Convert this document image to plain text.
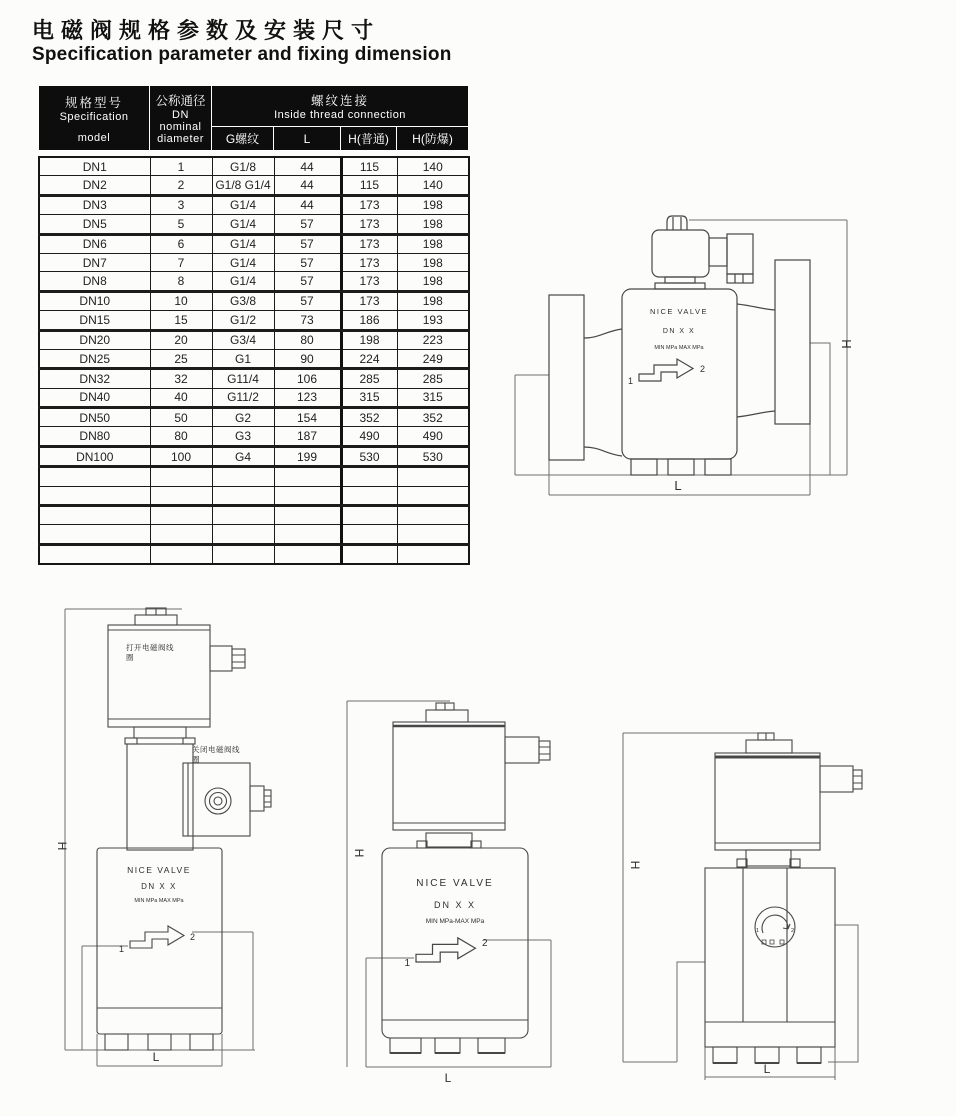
电磁阀规格参数及安装尺寸
Specification parameter and fixing dimension
规格型号
Specification
model

公称通径
DN
nominal
diameter

螺纹连接
Inside thread connection

		G螺纹	L	H(普通)	H(防爆)
DN1	1	G1/8	44	115	140
DN2	2	G1/8 G1/4	44	115	140
DN3	3	G1/4	44	173	198
DN5	5	G1/4	57	173	198
DN6	6	G1/4	57	173	198
DN7	7	G1/4	57	173	198
DN8	8	G1/4	57	173	198
DN10	10	G3/8	57	173	198
DN15	15	G1/2	73	186	193
DN20	20	G3/4	80	198	223
DN25	25	G1	90	224	249
DN32	32	G11/4	106	285	285
DN40	40	G11/2	123	315	315
DN50	50	G2	154	352	352
DN80	80	G3	187	490	490
DN100	100	G4	199	530	530

H
L
NICE VALVE
DN X X
MIN MPa MAX MPa
1
2
H
L
打开电磁阀线圈
关闭电磁阀线圈
NICE VALVE
DN X X
MIN MPa MAX MPa
1
2
H
L
NICE VALVE
DN X X
MIN MPa-MAX MPa
1
2
H
L
1	2
